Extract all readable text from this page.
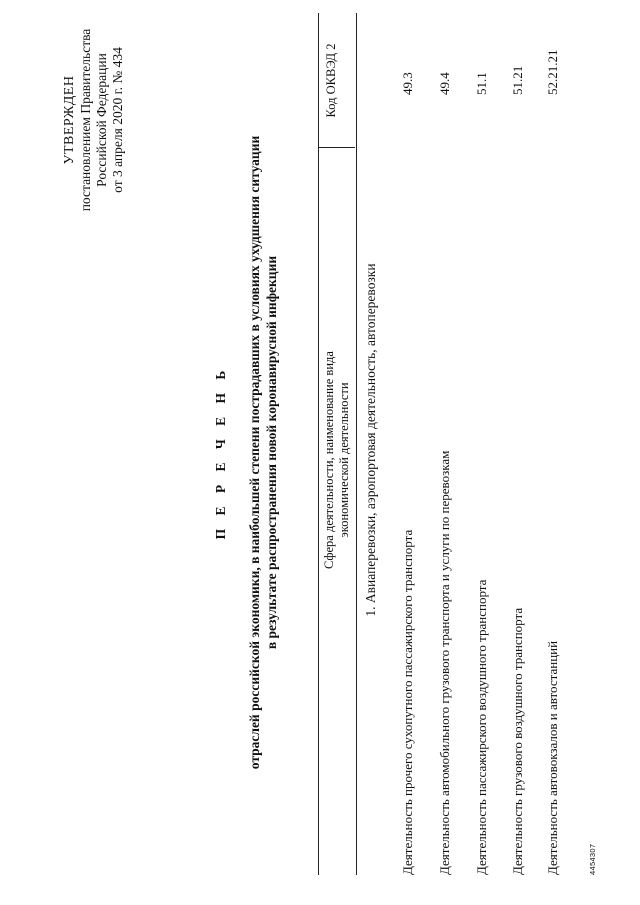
УТВЕРЖДЕН постановлением Правительства Российской Федерации от 3 апреля 2020 г. № 434
П Е Р Е Ч Е Н Ь отраслей российской экономики, в наибольшей степени пострадавших в условиях ухудшения ситуации в результате распространения новой коронавирусной инфекции	Сфера деятельности, наименование вида экономической деятельности
Код ОКВЭД 2
1. Авиаперевозки, аэропортовая деятельность, автоперевозки
Деятельность прочего сухопутного пассажирского транспорта
49.3
Деятельность автомобильного грузового транспорта и услуги по перевозкам
49.4
Деятельность пассажирского воздушного транспорта
51.1
Деятельность грузового воздушного транспорта
51.21
Деятельность автовокзалов и автостанций
52.21.21
4454307
